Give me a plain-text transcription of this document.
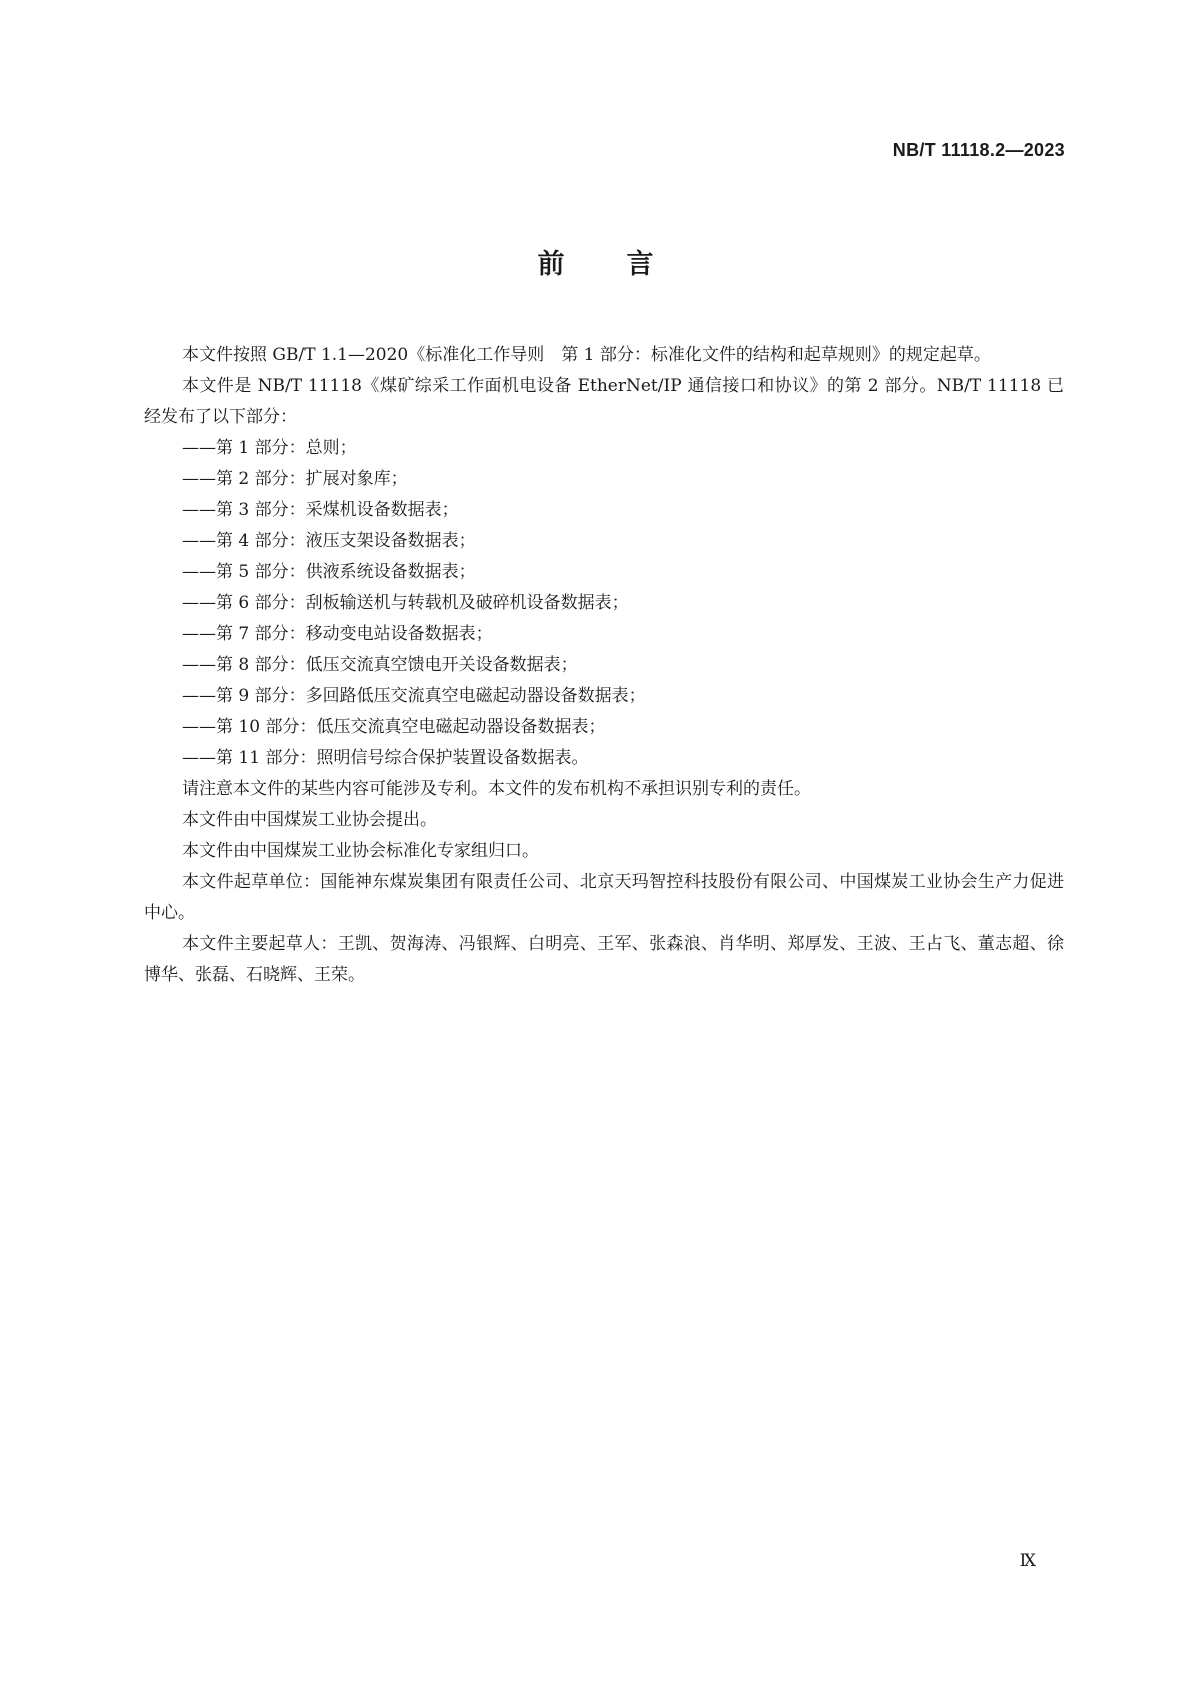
NB/T 11118.2—2023
前言

本文件按照 GB/T 1.1—2020《标准化工作导则　第 1 部分：标准化文件的结构和起草规则》的规定起草。

本文件是 NB/T 11118《煤矿综采工作面机电设备 EtherNet/IP 通信接口和协议》的第 2 部分。NB/T 11118 已经发布了以下部分：

——第 1 部分：总则；
——第 2 部分：扩展对象库；
——第 3 部分：采煤机设备数据表；
——第 4 部分：液压支架设备数据表；
——第 5 部分：供液系统设备数据表；
——第 6 部分：刮板输送机与转载机及破碎机设备数据表；
——第 7 部分：移动变电站设备数据表；
——第 8 部分：低压交流真空馈电开关设备数据表；
——第 9 部分：多回路低压交流真空电磁起动器设备数据表；
——第 10 部分：低压交流真空电磁起动器设备数据表；
——第 11 部分：照明信号综合保护装置设备数据表。

请注意本文件的某些内容可能涉及专利。本文件的发布机构不承担识别专利的责任。

本文件由中国煤炭工业协会提出。

本文件由中国煤炭工业协会标准化专家组归口。

本文件起草单位：国能神东煤炭集团有限责任公司、北京天玛智控科技股份有限公司、中国煤炭工业协会生产力促进中心。

本文件主要起草人：王凯、贺海涛、冯银辉、白明亮、王军、张森浪、肖华明、郑厚发、王波、王占飞、董志超、徐博华、张磊、石晓辉、王荣。

Ⅸ
